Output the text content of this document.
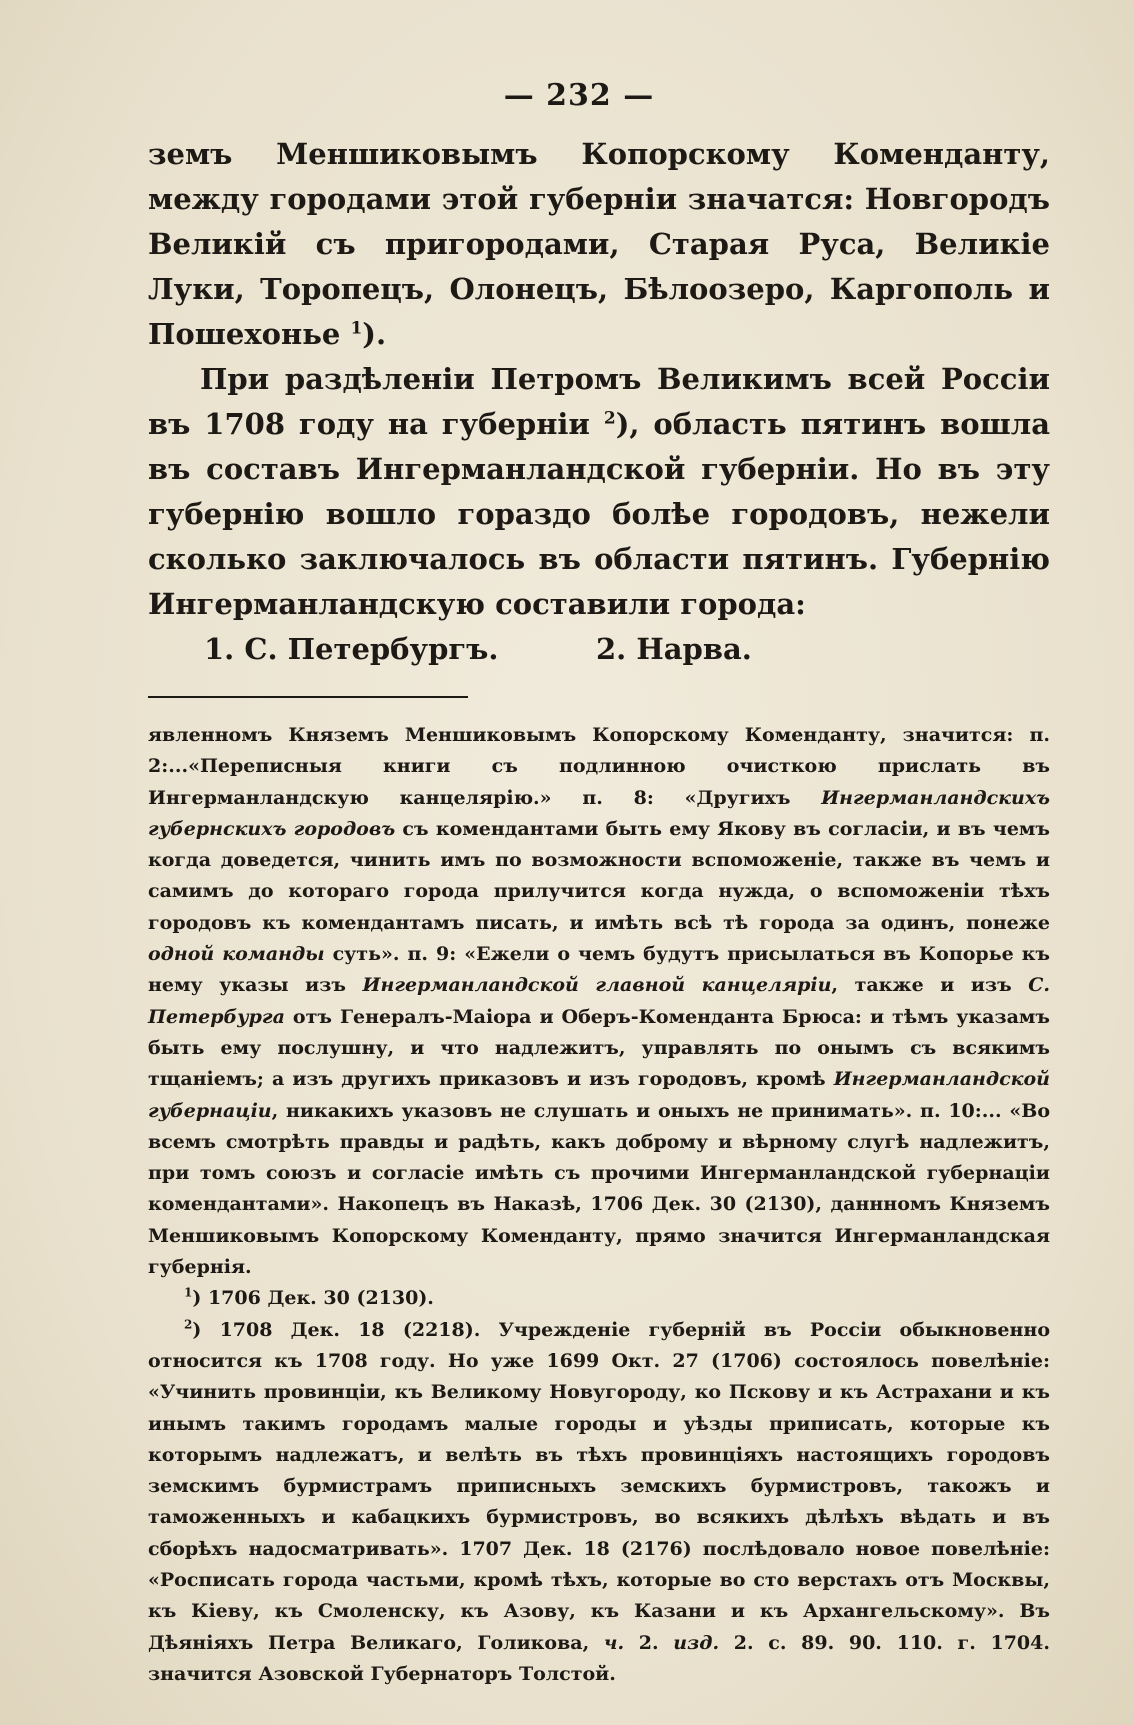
— 232 —

земъ Меншиковымъ Копорскому Коменданту, между городами этой губерніи значатся: Новгородъ Великій съ пригородами, Старая Руса, Великіе Луки, Торопецъ, Олонецъ, Бѣлоозеро, Каргополь и Пошехонье $^1$).

При раздѣленіи Петромъ Великимъ всей Россіи въ 1708 году на губерніи $^2$), область пятинъ вошла въ составъ Ингерманландской губерніи. Но въ эту губернію вошло гораздо болѣе городовъ, нежели сколько заключалось въ области пятинъ. Губернію Ингерманландскую составили города:

1. С. Петербургъ.	2. Нарва.

явленномъ Княземъ Меншиковымъ Копорскому Коменданту, значится: п. 2:...«Переписныя книги съ подлинною очисткою прислать въ Ингерманландскую канцелярію.» п. 8: «Другихъ Ингерманландскихъ губернскихъ городовъ съ комендантами быть ему Якову въ согласіи, и въ чемъ когда доведется, чинить имъ по возможности вспоможеніе, также въ чемъ и самимъ до котораго города прилучится когда нужда, о вспоможеніи тѣхъ городовъ къ комендантамъ писать, и имѣть всѣ тѣ города за одинъ, понеже одной команды суть». п. 9: «Ежели о чемъ будутъ присылаться въ Копорье къ нему указы изъ Ингерманландской главной канцеляріи, также и изъ С. Петербурга отъ Генералъ-Маіора и Оберъ-Коменданта Брюса: и тѣмъ указамъ быть ему послушну, и что надлежитъ, управлять по онымъ съ всякимъ тщаніемъ; а изъ другихъ приказовъ и изъ городовъ, кромѣ Ингерманландской губернаціи, никакихъ указовъ не слушать и оныхъ не принимать». п. 10:... «Во всемъ смотрѣть правды и радѣть, какъ доброму и вѣрному слугѣ надлежитъ, при томъ союзъ и согласіе имѣть съ прочими Ингерманландской губернаціи комендантами». Накопецъ въ Наказѣ, 1706 Дек. 30 (2130), даннномъ Княземъ Меншиковымъ Копорскому Коменданту, прямо значится Ингерманландская губернія.

$^1$) 1706 Дек. 30 (2130).

$^2$) 1708 Дек. 18 (2218). Учрежденіе губерній въ Россіи обыкновенно относится къ 1708 году. Но уже 1699 Окт. 27 (1706) состоялось повелѣніе: «Учинить провинціи, къ Великому Новугороду, ко Пскову и къ Астрахани и къ инымъ такимъ городамъ малые городы и уѣзды приписать, которые къ которымъ надлежатъ, и велѣть въ тѣхъ провинціяхъ настоящихъ городовъ земскимъ бурмистрамъ приписныхъ земскихъ бурмистровъ, такожъ и таможенныхъ и кабацкихъ бурмистровъ, во всякихъ дѣлѣхъ вѣдать и въ сборѣхъ надосматривать». 1707 Дек. 18 (2176) послѣдовало новое повелѣніе: «Росписать города частьми, кромѣ тѣхъ, которые во сто верстахъ отъ Москвы, къ Кіеву, къ Смоленску, къ Азову, къ Казани и къ Архангельскому». Въ Дѣяніяхъ Петра Великаго, Голикова, ч. 2. изд. 2. с. 89. 90. 110. г. 1704. значится Азовской Губернаторъ Толстой.
